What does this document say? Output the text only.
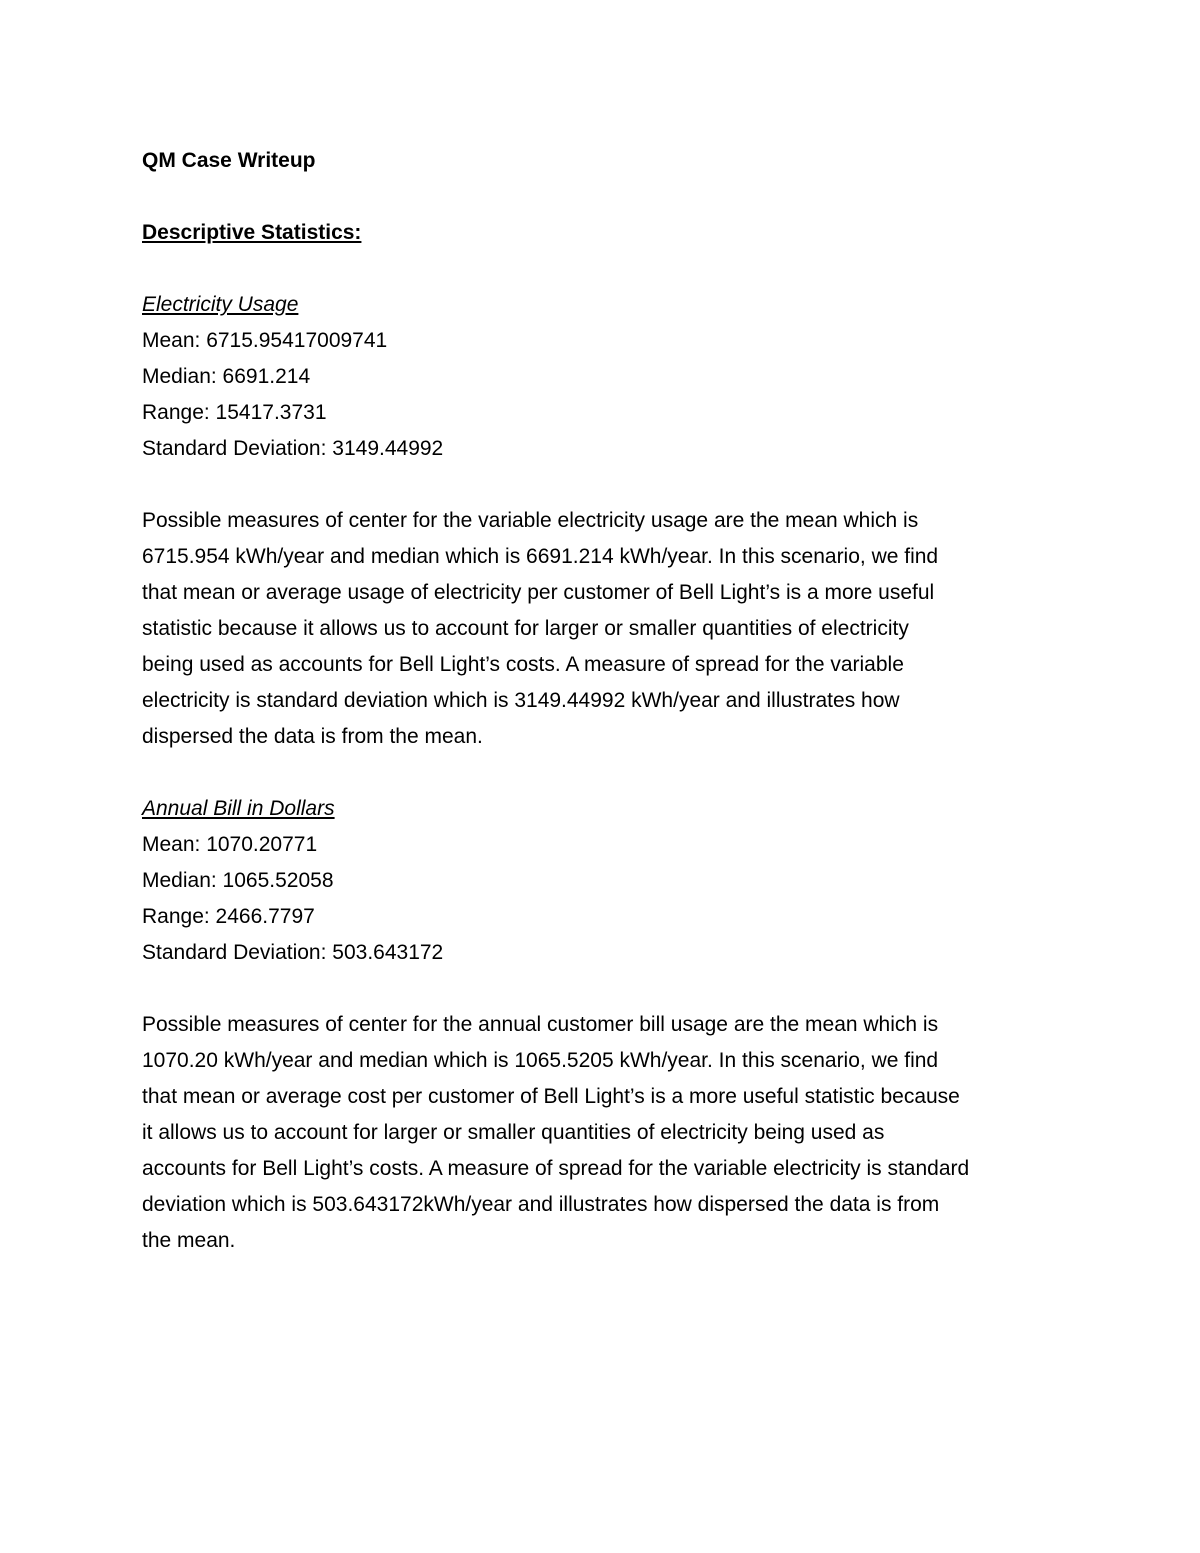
QM Case Writeup
Descriptive Statistics:
Electricity Usage
Mean: 6715.95417009741
Median: 6691.214
Range: 15417.3731
Standard Deviation: 3149.44992
Possible measures of center for the variable electricity usage are the mean which is
6715.954 kWh/year and median which is 6691.214 kWh/year. In this scenario, we find
that mean or average usage of electricity per customer of Bell Light’s is a more useful
statistic because it allows us to account for larger or smaller quantities of electricity
being used as accounts for Bell Light’s costs. A measure of spread for the variable
electricity is standard deviation which is 3149.44992 kWh/year and illustrates how
dispersed the data is from the mean.
Annual Bill in Dollars
Mean: 1070.20771
Median: 1065.52058
Range: 2466.7797
Standard Deviation: 503.643172
Possible measures of center for the annual customer bill usage are the mean which is
1070.20 kWh/year and median which is 1065.5205 kWh/year. In this scenario, we find
that mean or average cost per customer of Bell Light’s is a more useful statistic because
it allows us to account for larger or smaller quantities of electricity being used as
accounts for Bell Light’s costs. A measure of spread for the variable electricity is standard
deviation which is 503.643172kWh/year and illustrates how dispersed the data is from
the mean.
